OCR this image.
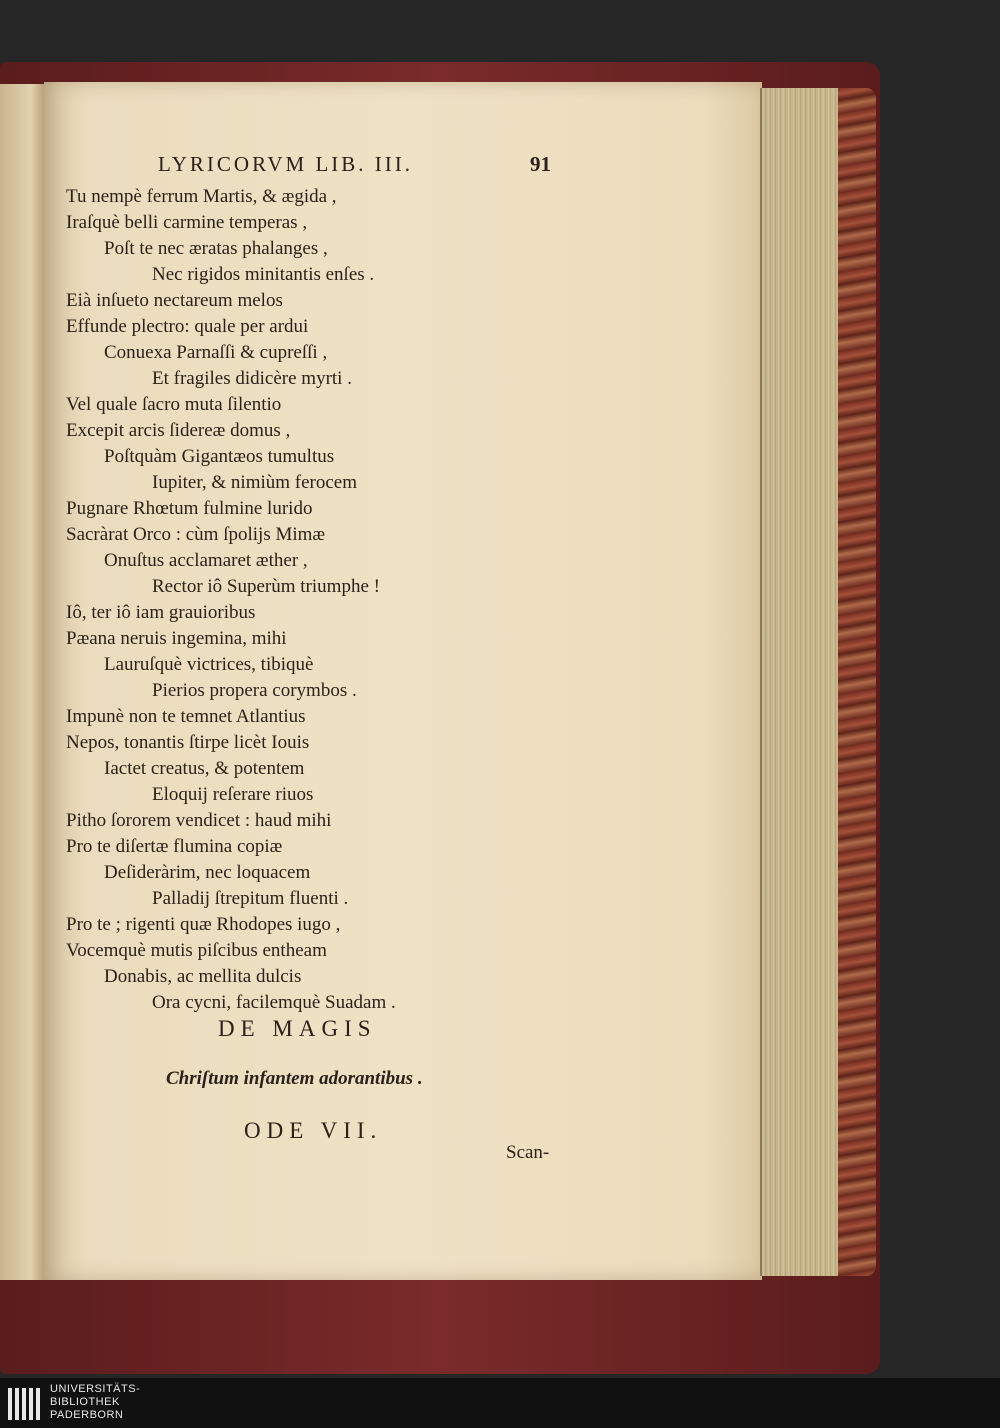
LYRICORVM LIB. III.	91
Tu nempè ferrum Martis, & ægida ,
Iraſquè belli carmine temperas ,
Poſt te nec æratas phalanges ,
Nec rigidos minitantis enſes .
Eià inſueto nectareum melos
Effunde plectro: quale per ardui
Conuexa Parnaſſi & cupreſſi ,
Et fragiles didicère myrti .
Vel quale ſacro muta ſilentio
Excepit arcis ſidereæ domus ,
Poſtquàm Gigantæos tumultus
Iupiter, & nimiùm ferocem
Pugnare Rhœtum fulmine lurido
Sacràrat Orco : cùm ſpolijs Mimæ
Onuſtus acclamaret æther ,
Rector iô Superùm triumphe !
Iô, ter iô iam grauioribus
Pæana neruis ingemina, mihi
Lauruſquè victrices, tibiquè
Pierios propera corymbos .
Impunè non te temnet Atlantius
Nepos, tonantis ſtirpe licèt Iouis
Iactet creatus, & potentem
Eloquij reſerare riuos
Pitho ſororem vendicet : haud mihi
Pro te diſertæ flumina copiæ
Deſideràrim, nec loquacem
Palladij ſtrepitum fluenti .
Pro te ; rigenti quæ Rhodopes iugo ,
Vocemquè mutis piſcibus entheam
Donabis, ac mellita dulcis
Ora cycni, facilemquè Suadam .
DE MAGIS
Chriſtum infantem adorantibus .
ODE VII.
Scan-
UNIVERSITÄTS-
BIBLIOTHEK
PADERBORN
